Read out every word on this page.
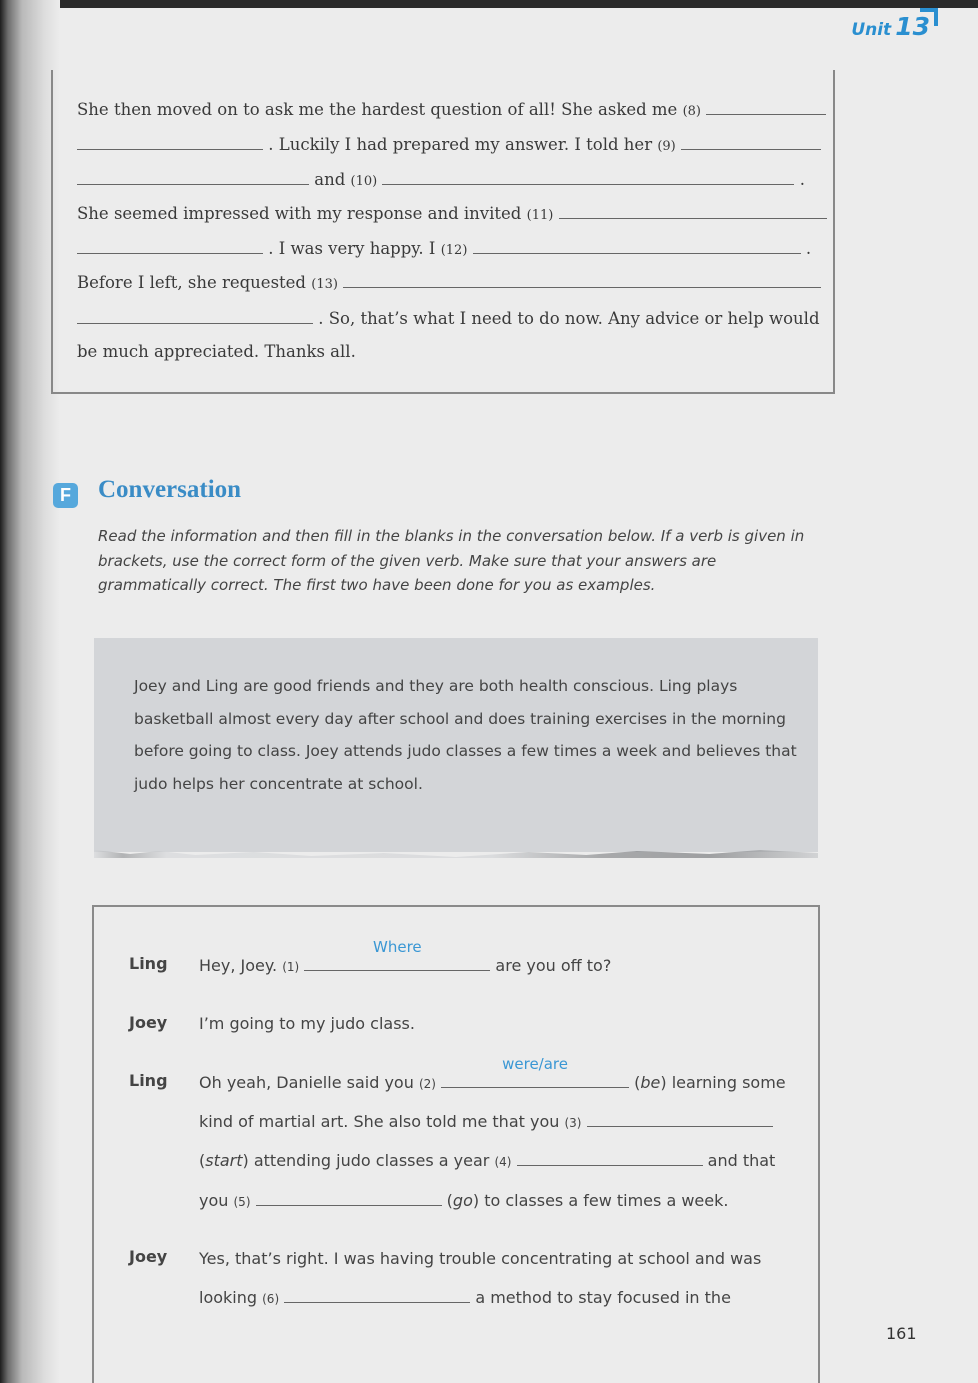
Unit 13
She then moved on to ask me the hardest question of all! She asked me (8)
. Luckily I had prepared my answer. I told her (9)
and (10)	.
She seemed impressed with my response and invited (11)
. I was very happy. I (12)	.
Before I left, she requested (13)
. So, that’s what I need to do now. Any advice or help would
be much appreciated. Thanks all.
F Conversation
Read the information and then fill in the blanks in the conversation below. If a verb is given in brackets, use the correct form of the given verb. Make sure that your answers are grammatically correct. The first two have been done for you as examples.
Joey and Ling are good friends and they are both health conscious. Ling plays basketball almost every day after school and does training exercises in the morning before going to class. Joey attends judo classes a few times a week and believes that judo helps her concentrate at school.
Ling Hey, Joey. (1)
Where
are you off to?
Joey I’m going to my judo class.
Ling Oh yeah, Danielle said you (2)
were/are
(be) learning some
kind of martial art. She also told me that you (3)
(start) attending judo classes a year (4)	and that
you (5)	(go) to classes a few times a week.
Joey Yes, that’s right. I was having trouble concentrating at school and was
looking (6)	a method to stay focused in the
161
